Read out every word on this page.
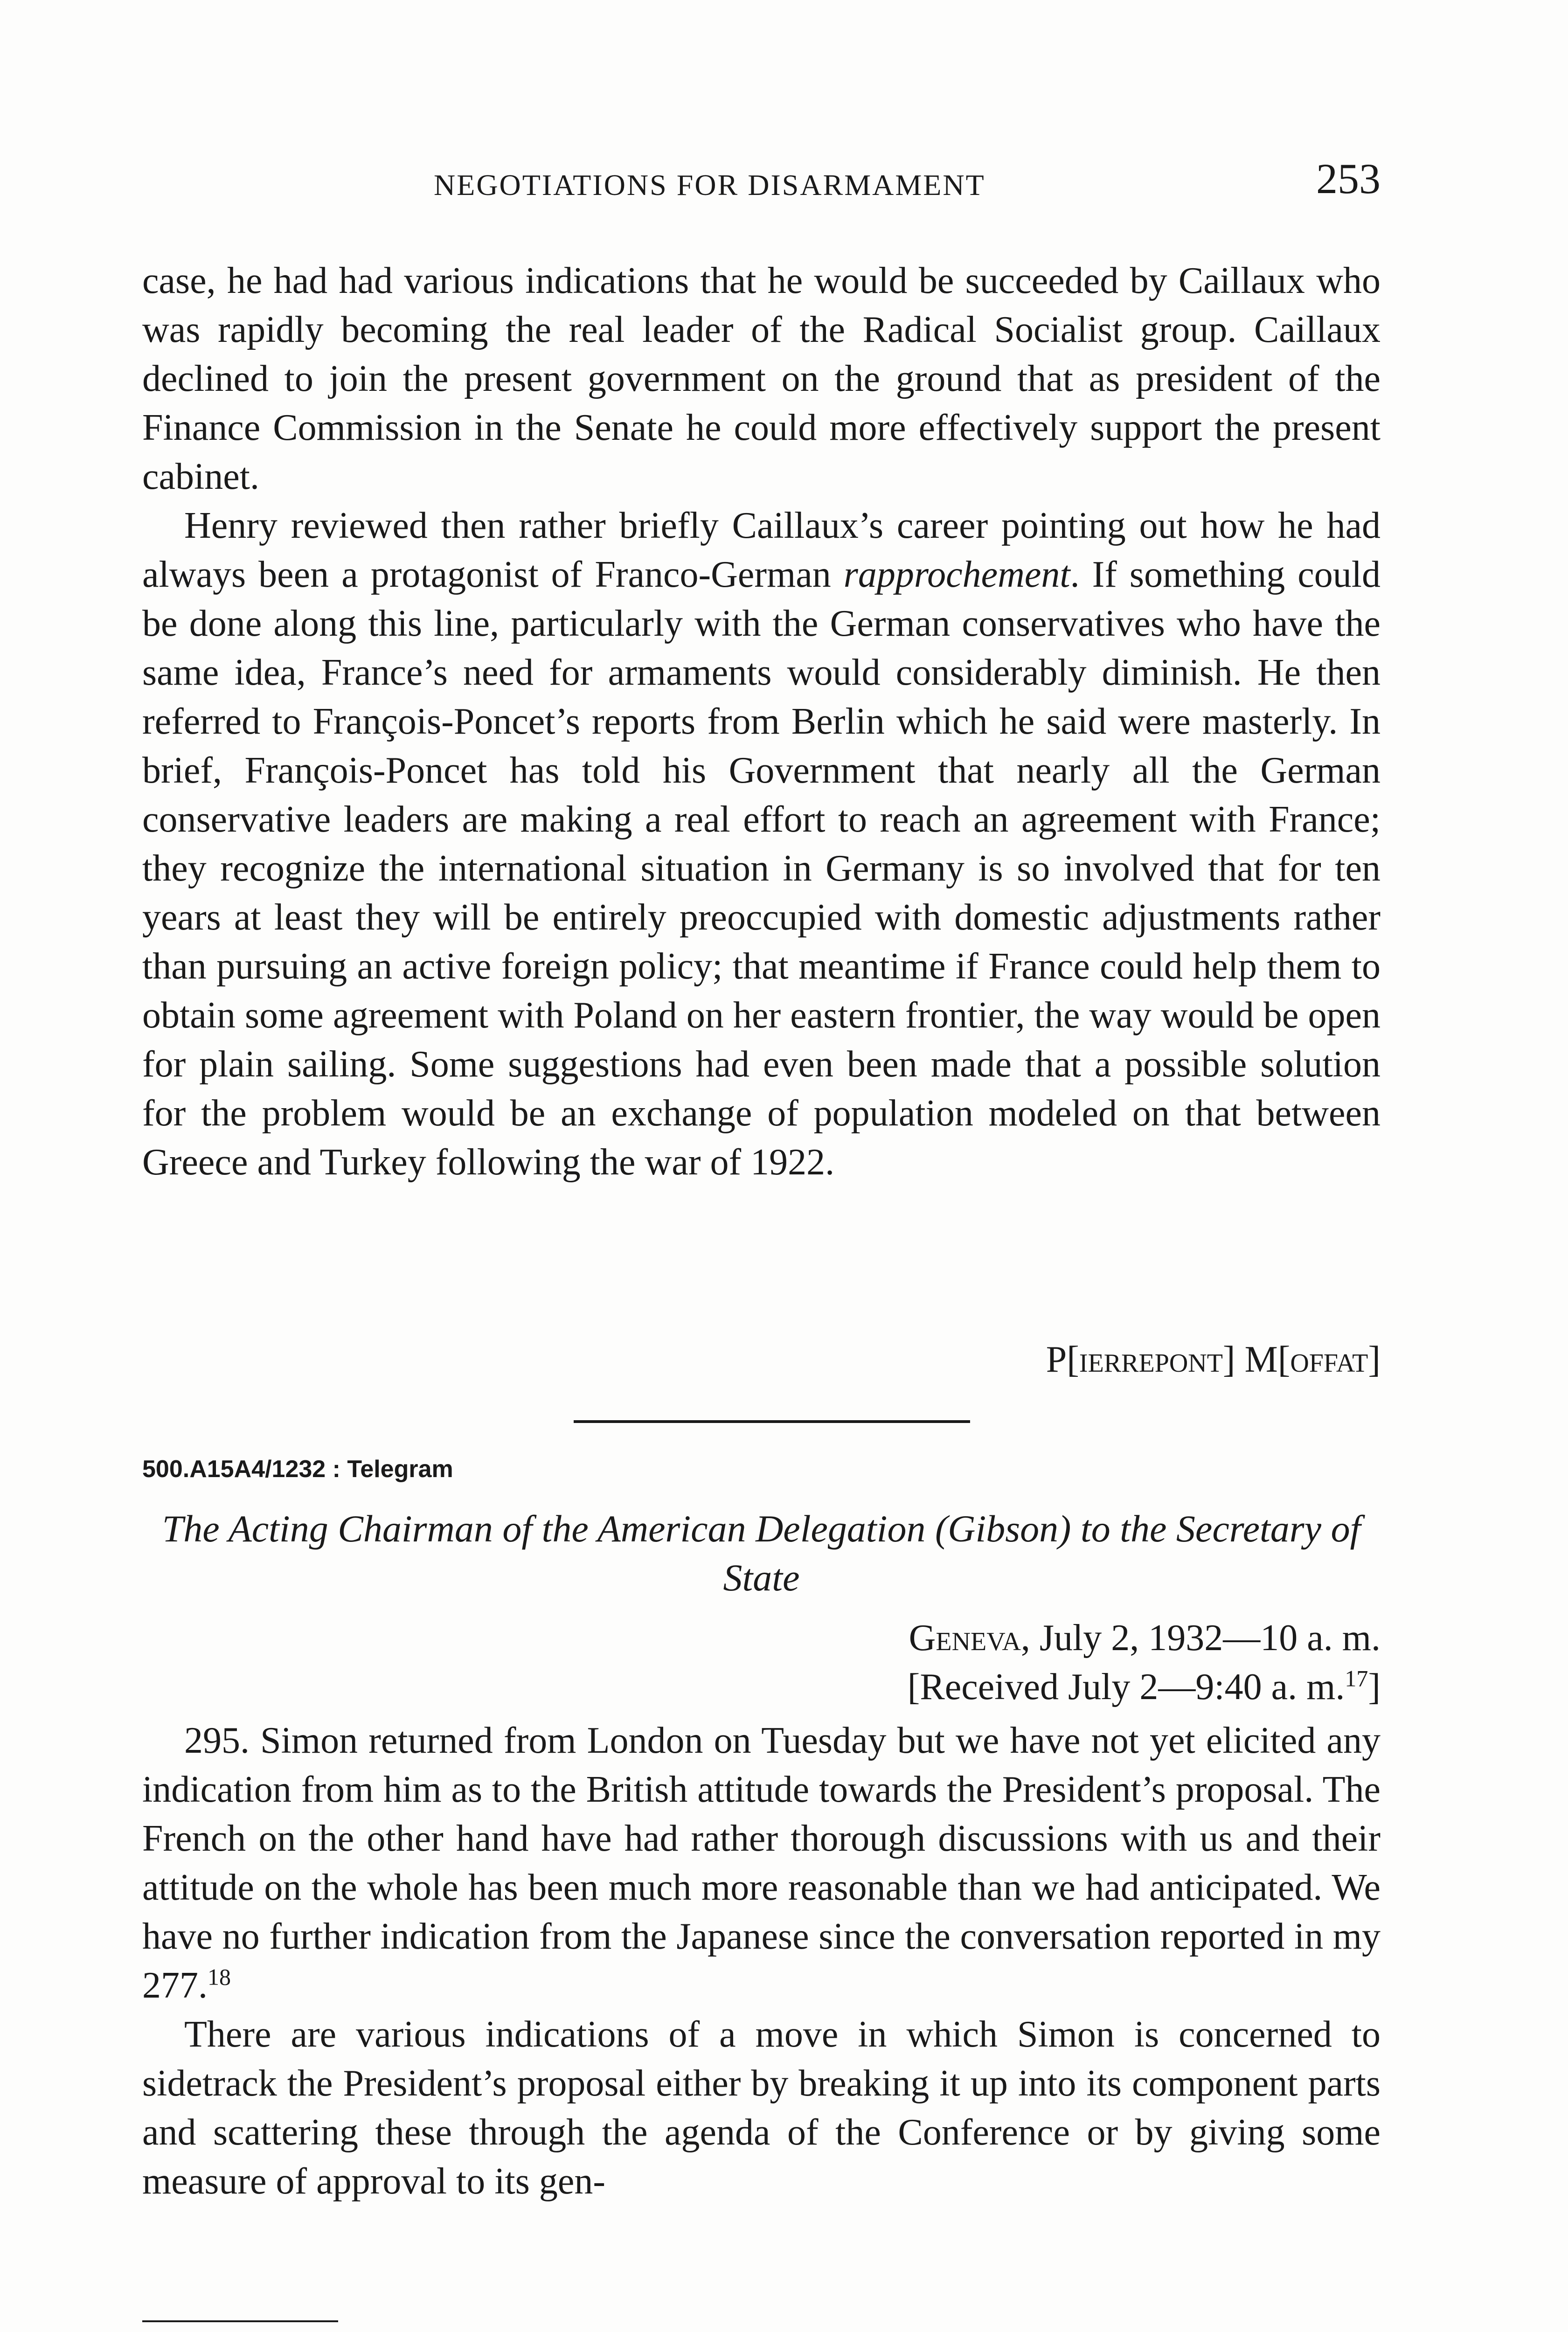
NEGOTIATIONS FOR DISARMAMENT	253

case, he had had various indications that he would be succeeded by Caillaux who was rapidly becoming the real leader of the Radical Socialist group. Caillaux declined to join the present government on the ground that as president of the Finance Commission in the Senate he could more effectively support the present cabinet.

Henry reviewed then rather briefly Caillaux’s career pointing out how he had always been a protagonist of Franco-German rapprochement. If something could be done along this line, particularly with the German conservatives who have the same idea, France’s need for armaments would considerably diminish. He then referred to François-Poncet’s reports from Berlin which he said were masterly. In brief, François-Poncet has told his Government that nearly all the German conservative leaders are making a real effort to reach an agreement with France; they recognize the international situation in Germany is so involved that for ten years at least they will be entirely preoccupied with domestic adjustments rather than pursuing an active foreign policy; that meantime if France could help them to obtain some agreement with Poland on her eastern frontier, the way would be open for plain sailing. Some suggestions had even been made that a possible solution for the problem would be an exchange of population modeled on that between Greece and Turkey following the war of 1922.

P[ierrepont] M[offat]
500.A15A4/1232 : Telegram
The Acting Chairman of the American Delegation (Gibson) to the Secretary of State
Geneva, July 2, 1932—10 a. m.
[Received July 2—9:40 a. m.$^{17}$]

295. Simon returned from London on Tuesday but we have not yet elicited any indication from him as to the British attitude towards the President’s proposal. The French on the other hand have had rather thorough discussions with us and their attitude on the whole has been much more reasonable than we had anticipated. We have no further indication from the Japanese since the conversation reported in my 277.18

There are various indications of a move in which Simon is concerned to sidetrack the President’s proposal either by breaking it up into its component parts and scattering these through the agenda of the Conference or by giving some measure of approval to its gen-
